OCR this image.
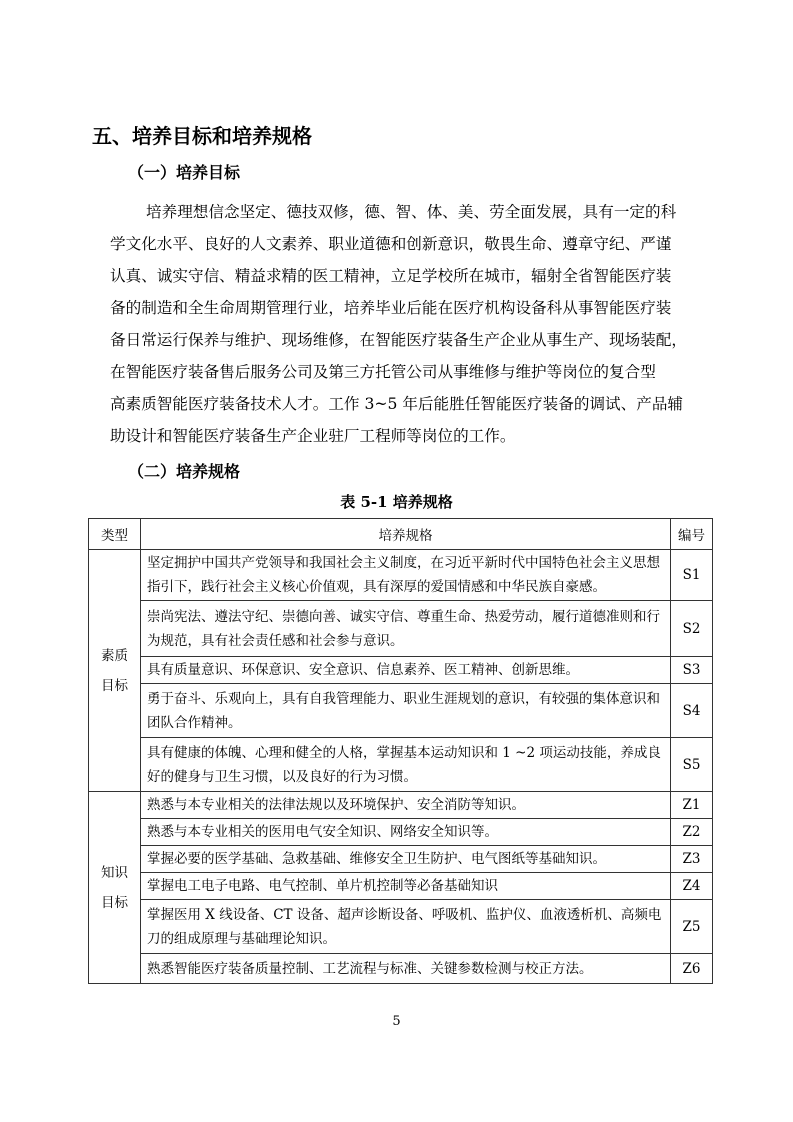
五、培养目标和培养规格
（一）培养目标
培养理想信念坚定、德技双修，德、智、体、美、劳全面发展，具有一定的科
学文化水平、良好的人文素养、职业道德和创新意识，敬畏生命、遵章守纪、严谨
认真、诚实守信、精益求精的医工精神，立足学校所在城市，辐射全省智能医疗装
备的制造和全生命周期管理行业，培养毕业后能在医疗机构设备科从事智能医疗装
备日常运行保养与维护、现场维修，在智能医疗装备生产企业从事生产、现场装配，
在智能医疗装备售后服务公司及第三方托管公司从事维修与维护等岗位的复合型
高素质智能医疗装备技术人才。工作 3~5 年后能胜任智能医疗装备的调试、产品辅
助设计和智能医疗装备生产企业驻厂工程师等岗位的工作。
（二）培养规格
表 5-1 培养规格
类型	培养规格	编号
素质目标	坚定拥护中国共产党领导和我国社会主义制度，在习近平新时代中国特色社会主义思想指引下，践行社会主义核心价值观，具有深厚的爱国情感和中华民族自豪感。	S1
	崇尚宪法、遵法守纪、崇德向善、诚实守信、尊重生命、热爱劳动，履行道德准则和行为规范，具有社会责任感和社会参与意识。	S2
	具有质量意识、环保意识、安全意识、信息素养、医工精神、创新思维。	S3
	勇于奋斗、乐观向上，具有自我管理能力、职业生涯规划的意识，有较强的集体意识和团队合作精神。	S4
	具有健康的体魄、心理和健全的人格，掌握基本运动知识和 1 ~2 项运动技能，养成良好的健身与卫生习惯，以及良好的行为习惯。	S5
知识目标	熟悉与本专业相关的法律法规以及环境保护、安全消防等知识。	Z1
	熟悉与本专业相关的医用电气安全知识、网络安全知识等。	Z2
	掌握必要的医学基础、急救基础、维修安全卫生防护、电气图纸等基础知识。	Z3
	掌握电工电子电路、电气控制、单片机控制等必备基础知识	Z4
	掌握医用 X 线设备、CT 设备、超声诊断设备、呼吸机、监护仪、血液透析机、高频电刀的组成原理与基础理论知识。	Z5
	熟悉智能医疗装备质量控制、工艺流程与标准、关键参数检测与校正方法。	Z6
5
